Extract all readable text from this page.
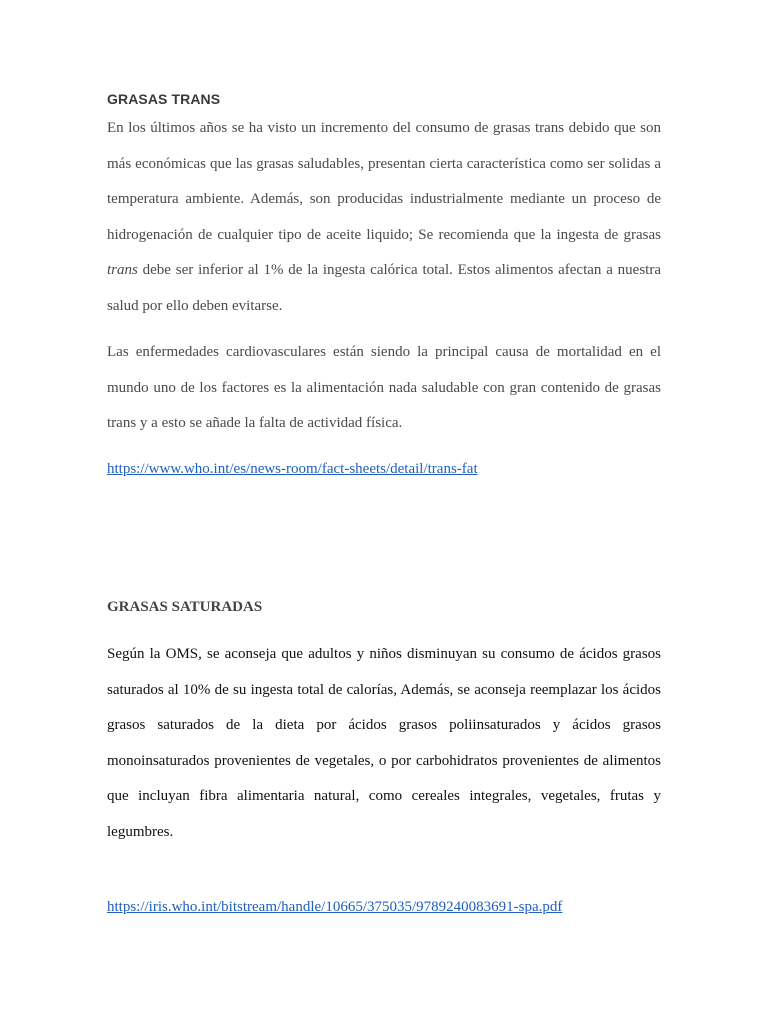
GRASAS TRANS

En los últimos años se ha visto un incremento del consumo de grasas trans debido que son más económicas que las grasas saludables, presentan cierta característica como ser solidas a temperatura ambiente. Además, son producidas industrialmente mediante un proceso de hidrogenación de cualquier tipo de aceite liquido; Se recomienda que la ingesta de grasas trans debe ser inferior al 1% de la ingesta calórica total. Estos alimentos afectan a nuestra salud por ello deben evitarse.

Las enfermedades cardiovasculares están siendo la principal causa de mortalidad en el mundo uno de los factores es la alimentación nada saludable con gran contenido de grasas trans y a esto se añade la falta de actividad física.

https://www.who.int/es/news-room/fact-sheets/detail/trans-fat
GRASAS SATURADAS

Según la OMS, se aconseja que adultos y niños disminuyan su consumo de ácidos grasos saturados al 10% de su ingesta total de calorías, Además, se aconseja reemplazar los ácidos grasos saturados de la dieta por ácidos grasos poliinsaturados y ácidos grasos monoinsaturados provenientes de vegetales, o por carbohidratos provenientes de alimentos que incluyan fibra alimentaria natural, como cereales integrales, vegetales, frutas y legumbres.

https://iris.who.int/bitstream/handle/10665/375035/9789240083691-spa.pdf
